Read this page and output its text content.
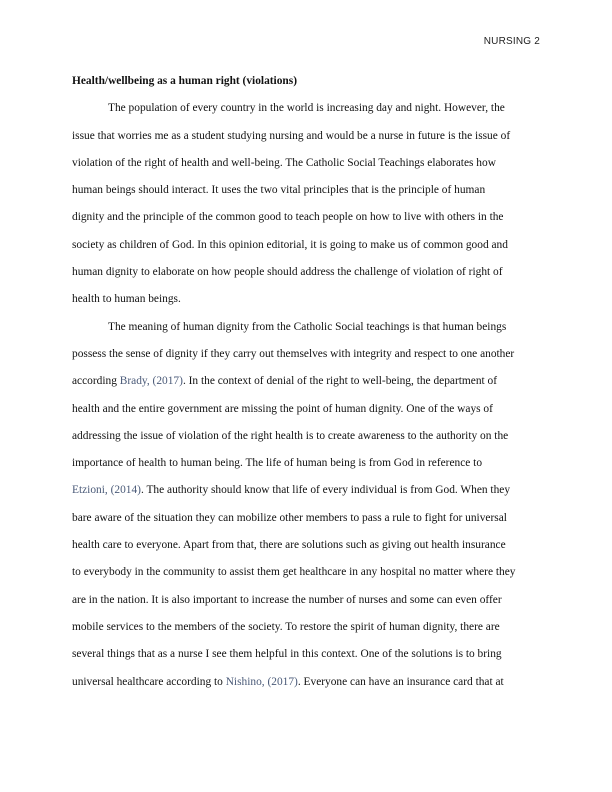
NURSING 2

Health/wellbeing as a human right (violations)

The population of every country in the world is increasing day and night. However, the
issue that worries me as a student studying nursing and would be a nurse in future is the issue of
violation of the right of health and well-being. The Catholic Social Teachings elaborates how
human beings should interact. It uses the two vital principles that is the principle of human
dignity and the principle of the common good to teach people on how to live with others in the
society as children of God. In this opinion editorial, it is going to make us of common good and
human dignity to elaborate on how people should address the challenge of violation of right of
health to human beings.

The meaning of human dignity from the Catholic Social teachings is that human beings
possess the sense of dignity if they carry out themselves with integrity and respect to one another
according Brady, (2017). In the context of denial of the right to well-being, the department of
health and the entire government are missing the point of human dignity. One of the ways of
addressing the issue of violation of the right health is to create awareness to the authority on the
importance of health to human being. The life of human being is from God in reference to
Etzioni, (2014). The authority should know that life of every individual is from God. When they
bare aware of the situation they can mobilize other members to pass a rule to fight for universal
health care to everyone. Apart from that, there are solutions such as giving out health insurance
to everybody in the community to assist them get healthcare in any hospital no matter where they
are in the nation. It is also important to increase the number of nurses and some can even offer
mobile services to the members of the society. To restore the spirit of human dignity, there are
several things that as a nurse I see them helpful in this context. One of the solutions is to bring
universal healthcare according to Nishino, (2017). Everyone can have an insurance card that at
